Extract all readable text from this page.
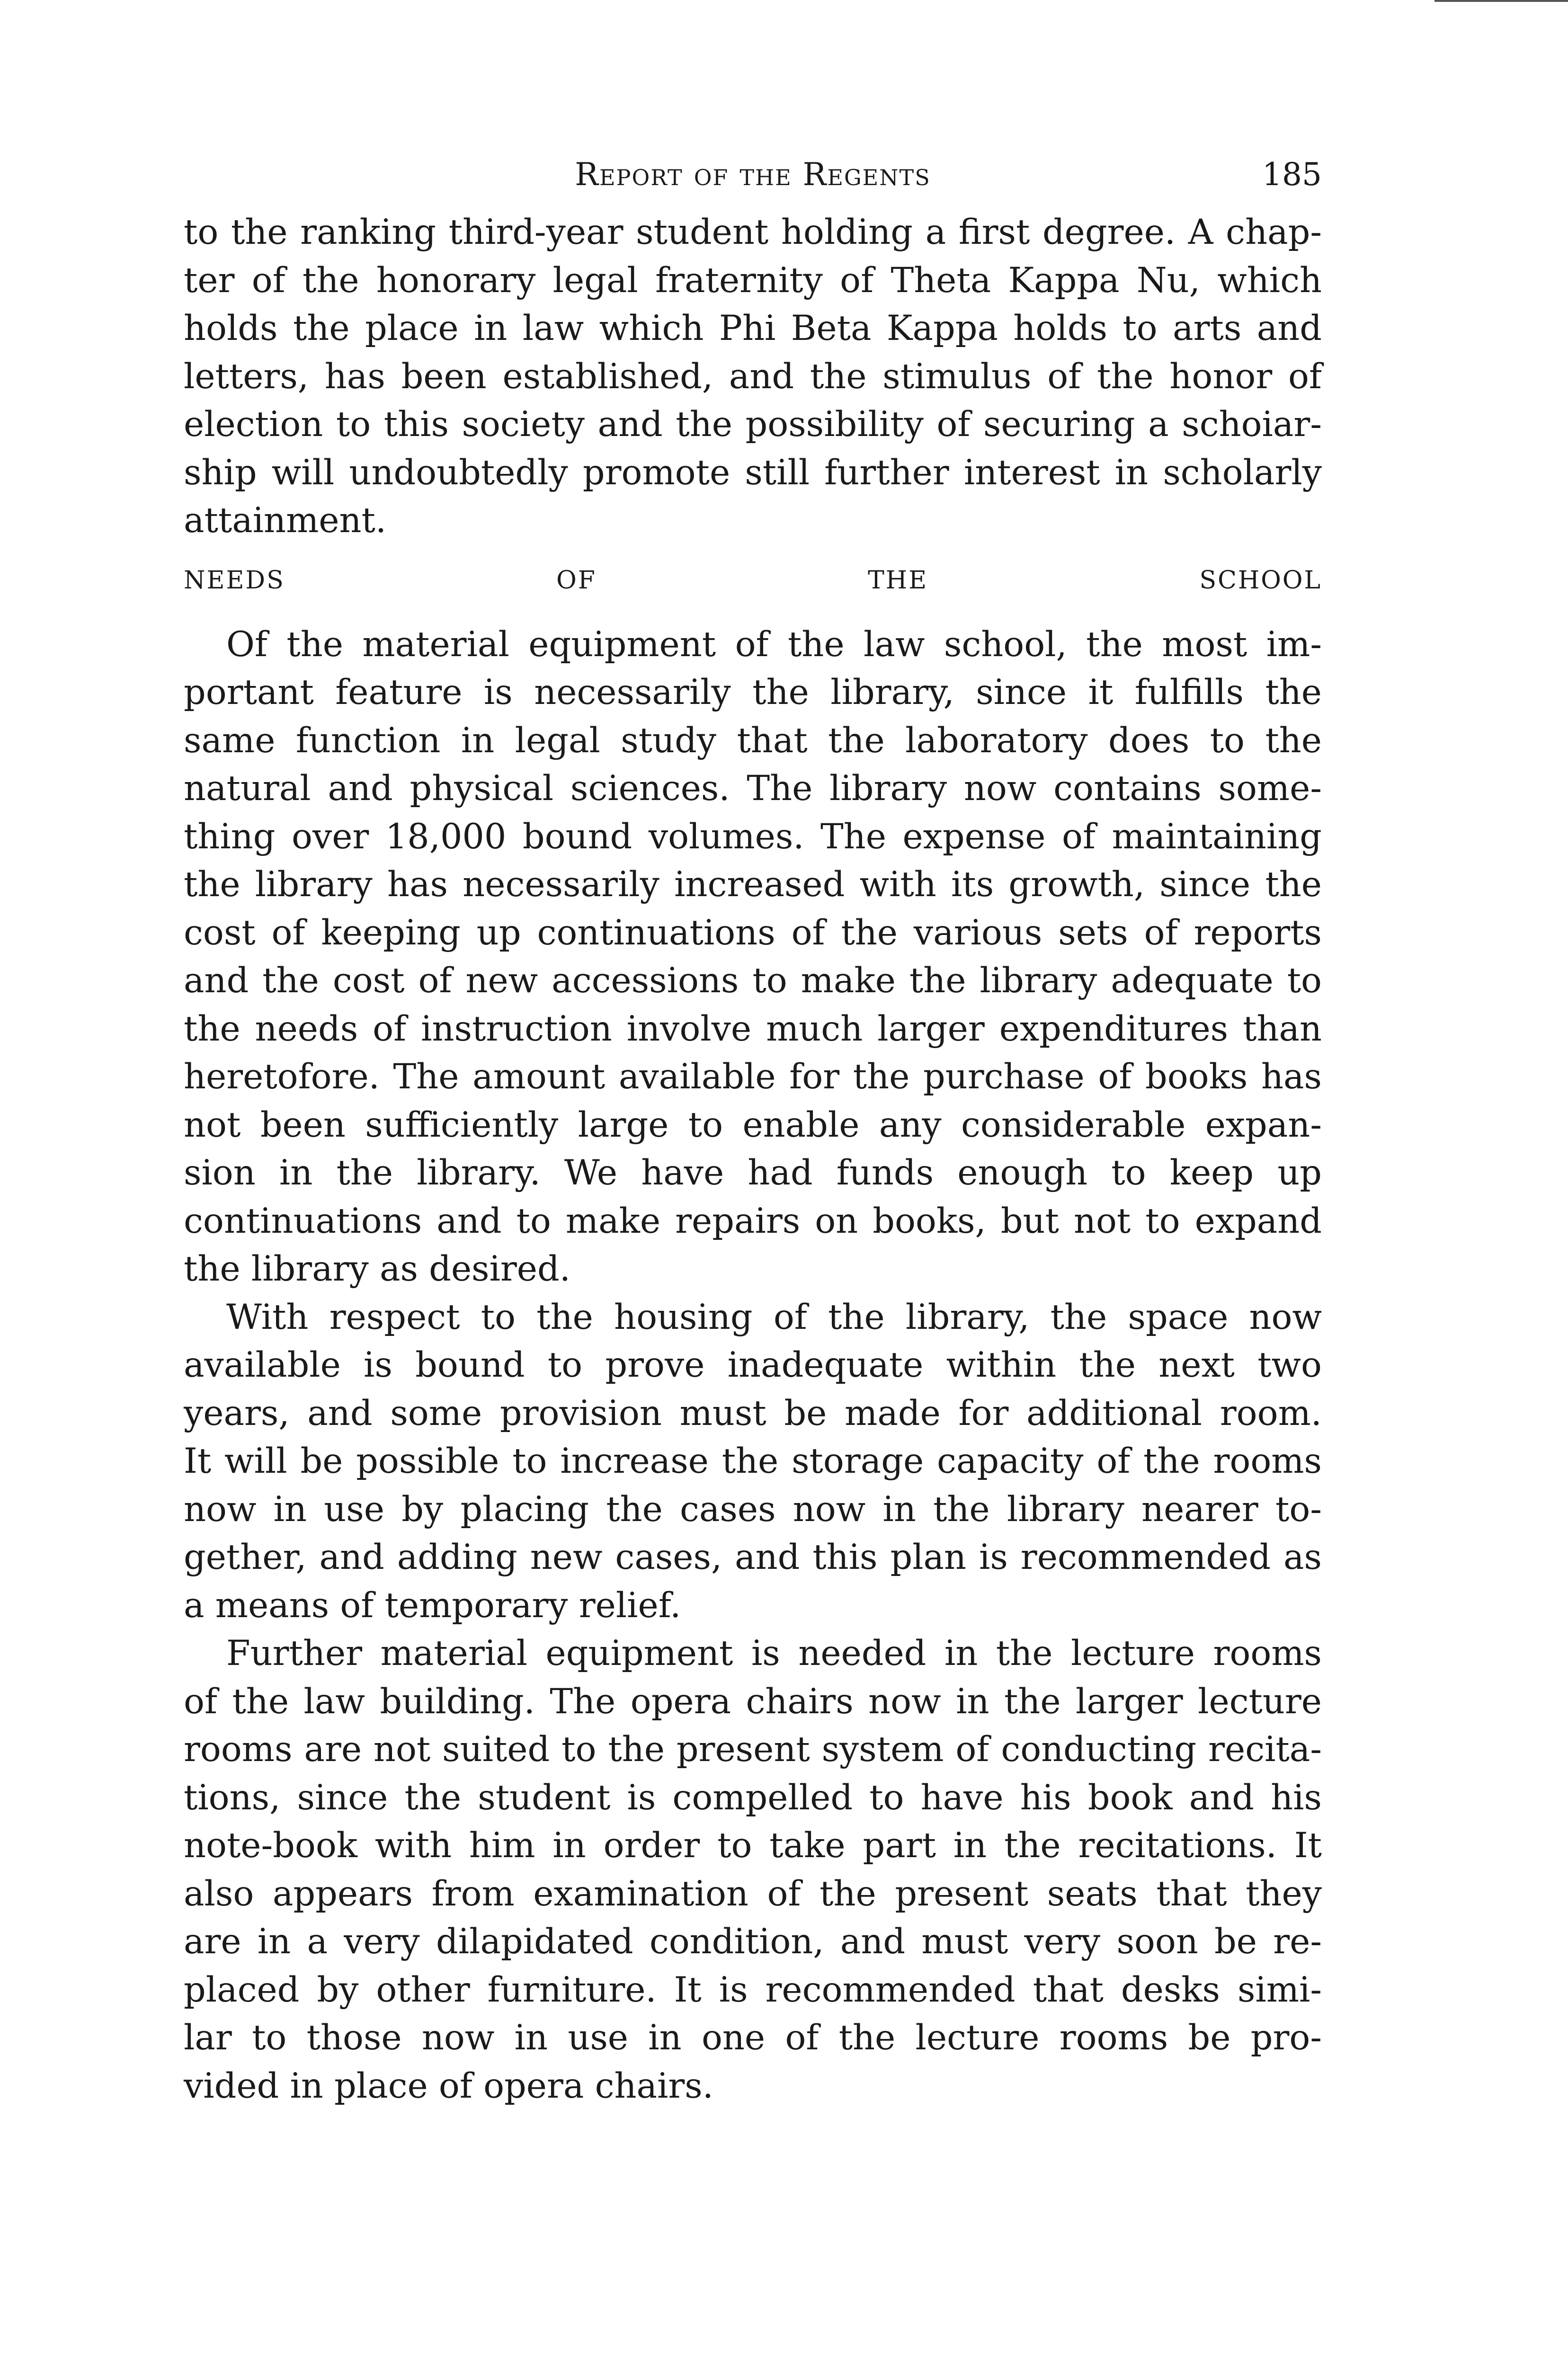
Report of the Regents	185
to the ranking third-year student holding a first degree. A chap-
ter of the honorary legal fraternity of Theta Kappa Nu, which
holds the place in law which Phi Beta Kappa holds to arts and
letters, has been established, and the stimulus of the honor of
election to this society and the possibility of securing a schoiar-
ship will undoubtedly promote still further interest in scholarly
attainment.
NEEDS OF THE SCHOOL
Of the material equipment of the law school, the most im-
portant feature is necessarily the library, since it fulfills the
same function in legal study that the laboratory does to the
natural and physical sciences. The library now contains some-
thing over 18,000 bound volumes. The expense of maintaining
the library has necessarily increased with its growth, since the
cost of keeping up continuations of the various sets of reports
and the cost of new accessions to make the library adequate to
the needs of instruction involve much larger expenditures than
heretofore. The amount available for the purchase of books has
not been sufficiently large to enable any considerable expan-
sion in the library. We have had funds enough to keep up
continuations and to make repairs on books, but not to expand
the library as desired.
With respect to the housing of the library, the space now
available is bound to prove inadequate within the next two
years, and some provision must be made for additional room.
It will be possible to increase the storage capacity of the rooms
now in use by placing the cases now in the library nearer to-
gether, and adding new cases, and this plan is recommended as
a means of temporary relief.
Further material equipment is needed in the lecture rooms
of the law building. The opera chairs now in the larger lecture
rooms are not suited to the present system of conducting recita-
tions, since the student is compelled to have his book and his
note-book with him in order to take part in the recitations. It
also appears from examination of the present seats that they
are in a very dilapidated condition, and must very soon be re-
placed by other furniture. It is recommended that desks simi-
lar to those now in use in one of the lecture rooms be pro-
vided in place of opera chairs.
